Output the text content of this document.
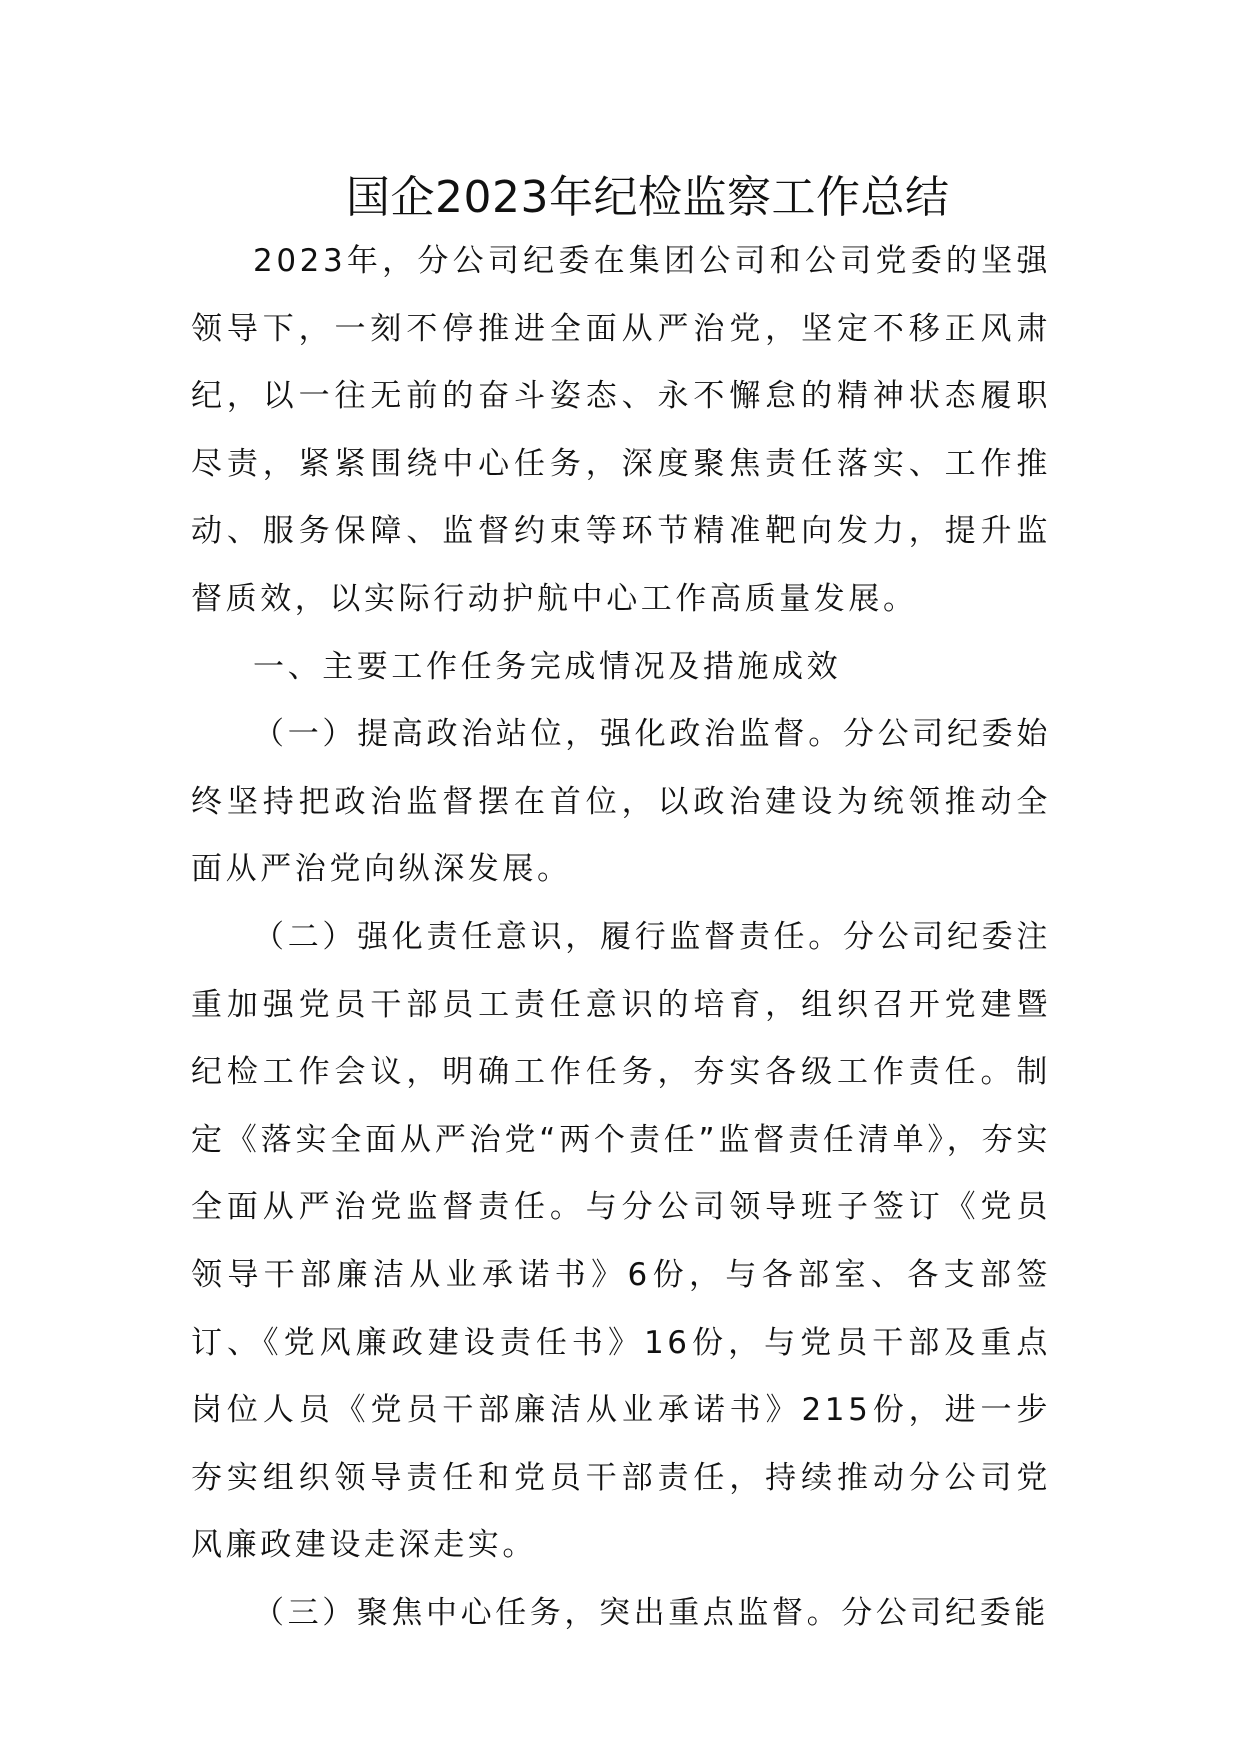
国企2023年纪检监察工作总结

2023年，分公司纪委在集团公司和公司党委的坚强领导下，一刻不停推进全面从严治党，坚定不移正风肃纪，以一往无前的奋斗姿态、永不懈怠的精神状态履职尽责，紧紧围绕中心任务，深度聚焦责任落实、工作推动、服务保障、监督约束等环节精准靶向发力，提升监督质效，以实际行动护航中心工作高质量发展。

一、主要工作任务完成情况及措施成效

（一）提高政治站位，强化政治监督。分公司纪委始终坚持把政治监督摆在首位，以政治建设为统领推动全面从严治党向纵深发展。

（二）强化责任意识，履行监督责任。分公司纪委注重加强党员干部员工责任意识的培育，组织召开党建暨纪检工作会议，明确工作任务，夯实各级工作责任。制定《落实全面从严治党“两个责任”监督责任清单》，夯实全面从严治党监督责任。与分公司领导班子签订《党员领导干部廉洁从业承诺书》6份，与各部室、各支部签订、《党风廉政建设责任书》16份，与党员干部及重点岗位人员《党员干部廉洁从业承诺书》215份，进一步夯实组织领导责任和党员干部责任，持续推动分公司党风廉政建设走深走实。

（三）聚焦中心任务，突出重点监督。分公司纪委能
